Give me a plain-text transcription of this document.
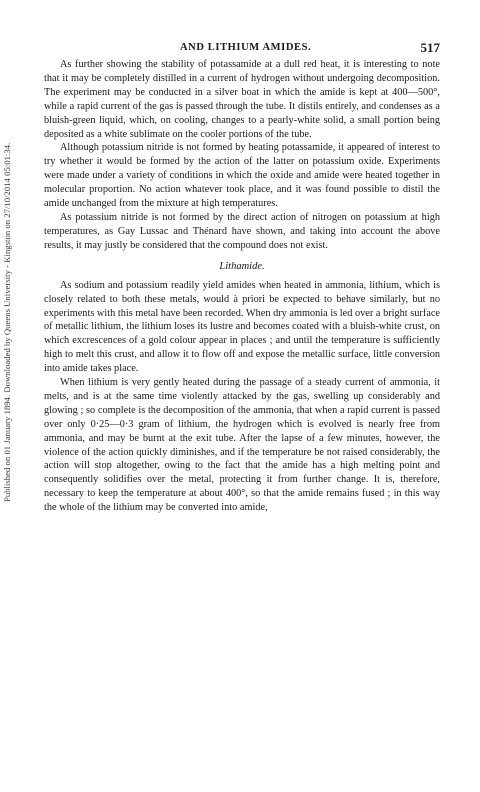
Published on 01 January 1894. Downloaded by Queens University - Kingston on 27/10/2014 05:01:34.
AND LITHIUM AMIDES.	517

As further showing the stability of potassamide at a dull red heat, it is interesting to note that it may be completely distilled in a current of hydrogen without undergoing decomposition. The experiment may be conducted in a silver boat in which the amide is kept at 400—500°, while a rapid current of the gas is passed through the tube. It distils entirely, and condenses as a bluish-green liquid, which, on cooling, changes to a pearly-white solid, a small portion being deposited as a white sublimate on the cooler portions of the tube.

Although potassium nitride is not formed by heating potassamide, it appeared of interest to try whether it would be formed by the action of the latter on potassium oxide. Experiments were made under a variety of conditions in which the oxide and amide were heated together in molecular proportion. No action whatever took place, and it was found possible to distil the amide unchanged from the mixture at high temperatures.

As potassium nitride is not formed by the direct action of nitrogen on potassium at high temperatures, as Gay Lussac and Thénard have shown, and taking into account the above results, it may justly be considered that the compound does not exist.

Lithamide.

As sodium and potassium readily yield amides when heated in ammonia, lithium, which is closely related to both these metals, would à priori be expected to behave similarly, but no experiments with this metal have been recorded. When dry ammonia is led over a bright surface of metallic lithium, the lithium loses its lustre and becomes coated with a bluish-white crust, on which excrescences of a gold colour appear in places ; and until the temperature is sufficiently high to melt this crust, and allow it to flow off and expose the metallic surface, little conversion into amide takes place.

When lithium is very gently heated during the passage of a steady current of ammonia, it melts, and is at the same time violently attacked by the gas, swelling up considerably and glowing ; so complete is the decomposition of the ammonia, that when a rapid current is passed over only 0·25—0·3 gram of lithium, the hydrogen which is evolved is nearly free from ammonia, and may be burnt at the exit tube. After the lapse of a few minutes, however, the violence of the action quickly diminishes, and if the temperature be not raised considerably, the action will stop altogether, owing to the fact that the amide has a high melting point and consequently solidifies over the metal, protecting it from further change. It is, therefore, necessary to keep the temperature at about 400°, so that the amide remains fused ; in this way the whole of the lithium may be converted into amide,
